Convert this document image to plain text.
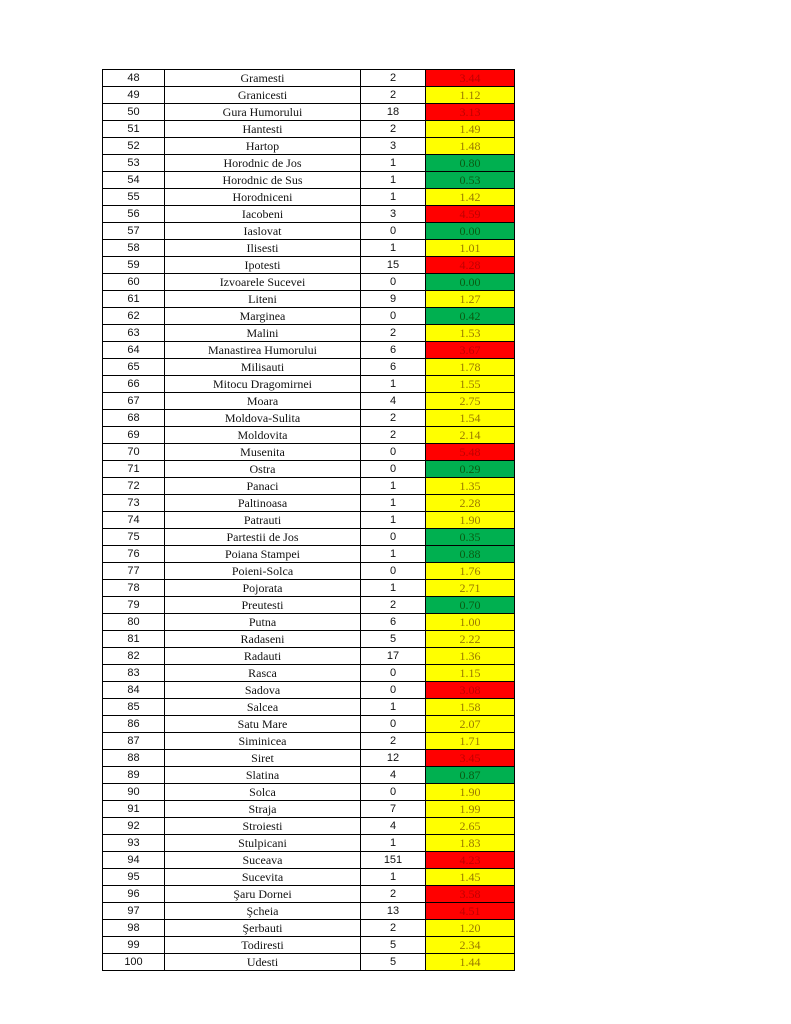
48	Gramesti	2	3.44
49	Granicesti	2	1.12
50	Gura Humorului	18	3.13
51	Hantesti	2	1.49
52	Hartop	3	1.48
53	Horodnic de Jos	1	0.80
54	Horodnic de Sus	1	0.53
55	Horodniceni	1	1.42
56	Iacobeni	3	4.59
57	Iaslovat	0	0.00
58	Ilisesti	1	1.01
59	Ipotesti	15	4.28
60	Izvoarele Sucevei	0	0.00
61	Liteni	9	1.27
62	Marginea	0	0.42
63	Malini	2	1.53
64	Manastirea Humorului	6	3.67
65	Milisauti	6	1.78
66	Mitocu Dragomirnei	1	1.55
67	Moara	4	2.75
68	Moldova-Sulita	2	1.54
69	Moldovita	2	2.14
70	Musenita	0	5.48
71	Ostra	0	0.29
72	Panaci	1	1.35
73	Paltinoasa	1	2.28
74	Patrauti	1	1.90
75	Partestii de Jos	0	0.35
76	Poiana Stampei	1	0.88
77	Poieni-Solca	0	1.76
78	Pojorata	1	2.71
79	Preutesti	2	0.70
80	Putna	6	1.00
81	Radaseni	5	2.22
82	Radauti	17	1.36
83	Rasca	0	1.15
84	Sadova	0	3.08
85	Salcea	1	1.58
86	Satu Mare	0	2.07
87	Siminicea	2	1.71
88	Siret	12	3.45
89	Slatina	4	0.87
90	Solca	0	1.90
91	Straja	7	1.99
92	Stroiesti	4	2.65
93	Stulpicani	1	1.83
94	Suceava	151	4.23
95	Sucevita	1	1.45
96	Şaru Dornei	2	3.58
97	Şcheia	13	4.51
98	Şerbauti	2	1.20
99	Todiresti	5	2.34
100	Udesti	5	1.44
